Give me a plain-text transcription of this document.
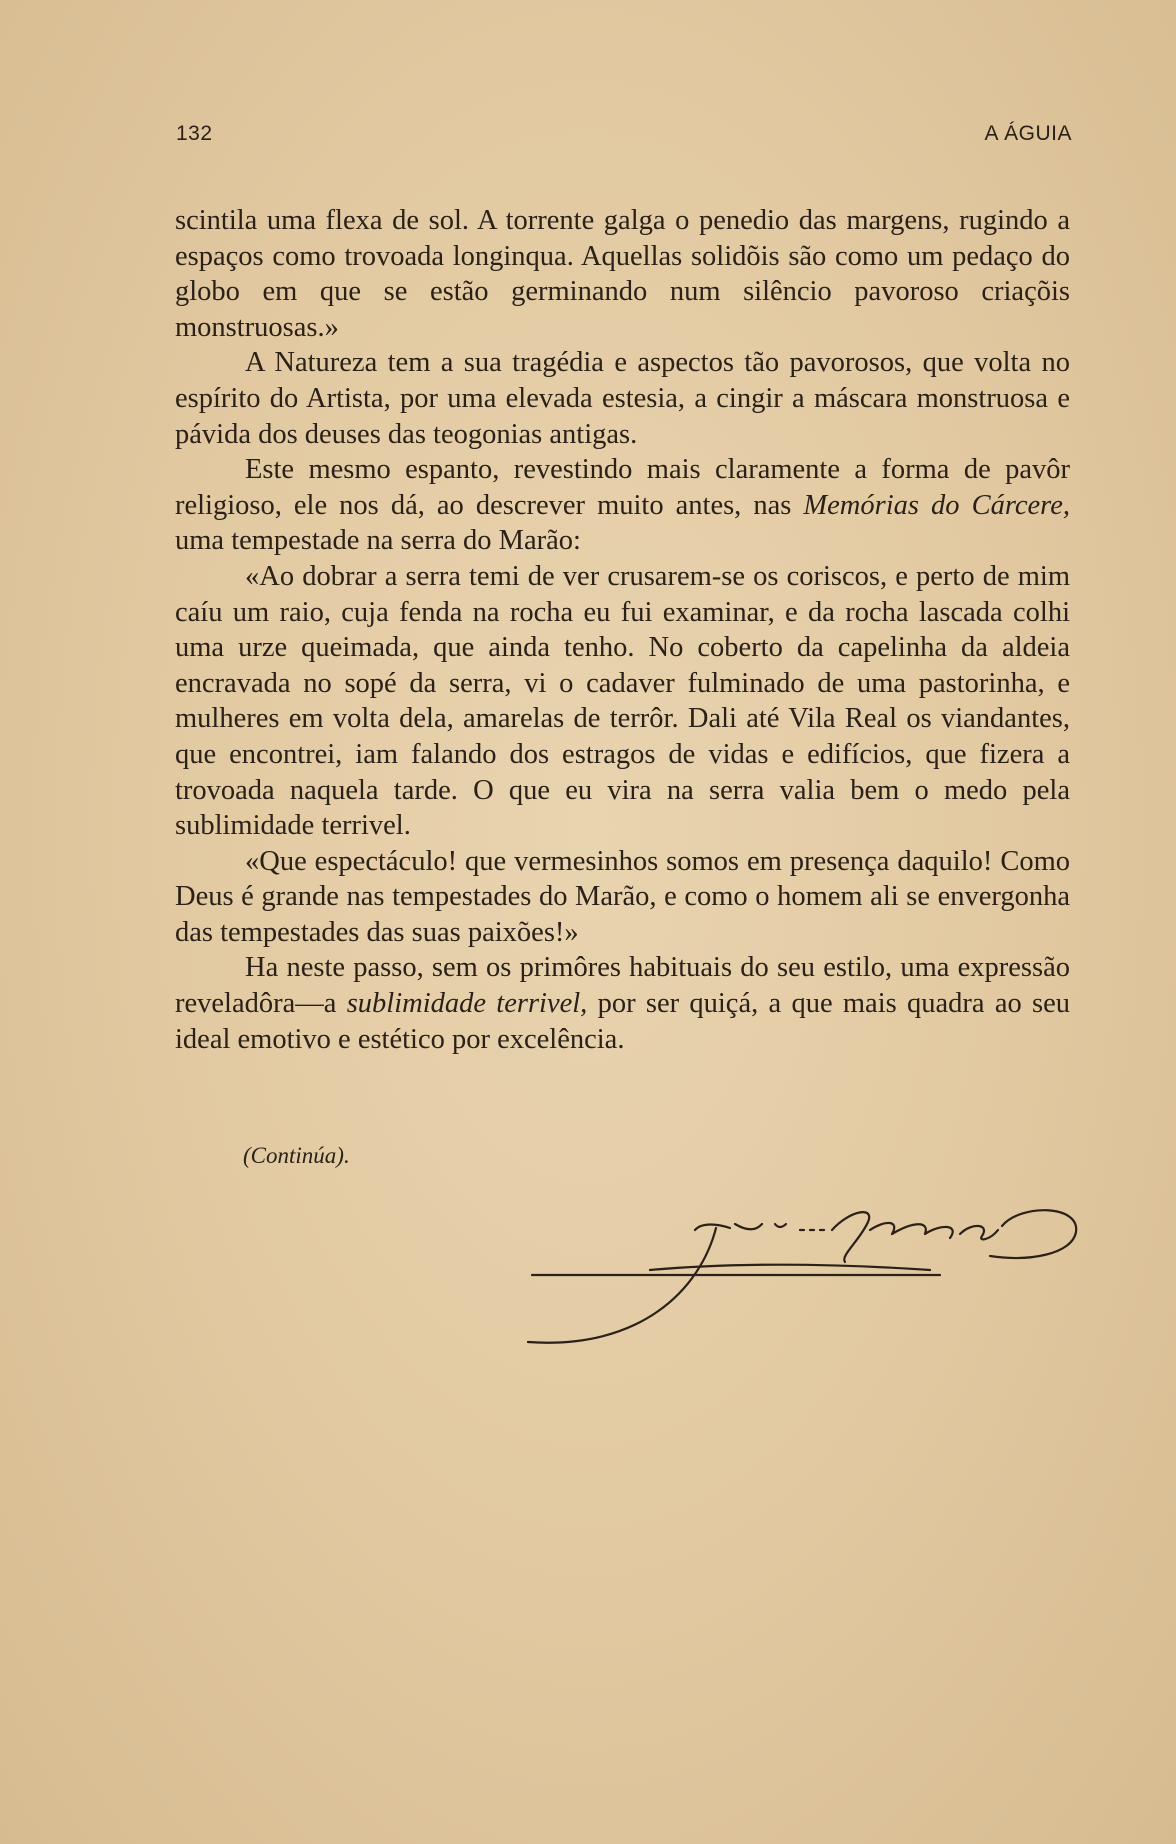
132	A ÁGUIA

scintila uma flexa de sol. A torrente galga o penedio das margens, rugindo a espaços como trovoada longinqua. Aquellas solidõis são como um pedaço do globo em que se estão germinando num silêncio pavoroso criaçõis monstruosas.»

A Natureza tem a sua tragédia e aspectos tão pavorosos, que volta no espírito do Artista, por uma elevada estesia, a cingir a máscara monstruosa e pávida dos deuses das teogonias antigas.

Este mesmo espanto, revestindo mais claramente a forma de pavôr religioso, ele nos dá, ao descrever muito antes, nas Memórias do Cárcere, uma tempestade na serra do Marão:

«Ao dobrar a serra temi de ver crusarem-se os coriscos, e perto de mim caíu um raio, cuja fenda na rocha eu fui examinar, e da rocha lascada colhi uma urze queimada, que ainda tenho. No coberto da capelinha da aldeia encravada no sopé da serra, vi o cadaver fulminado de uma pastorinha, e mulheres em volta dela, amarelas de terrôr. Dali até Vila Real os viandantes, que encontrei, iam falando dos estragos de vidas e edifícios, que fizera a trovoada naquela tarde. O que eu vira na serra valia bem o medo pela sublimidade terrivel.

«Que espectáculo! que vermesinhos somos em presença daquilo! Como Deus é grande nas tempestades do Marão, e como o homem ali se envergonha das tempestades das suas paixões!»

Ha neste passo, sem os primôres habituais do seu estilo, uma expressão reveladôra—a sublimidade terrivel, por ser quiçá, a que mais quadra ao seu ideal emotivo e estético por excelência.

(Continúa).
